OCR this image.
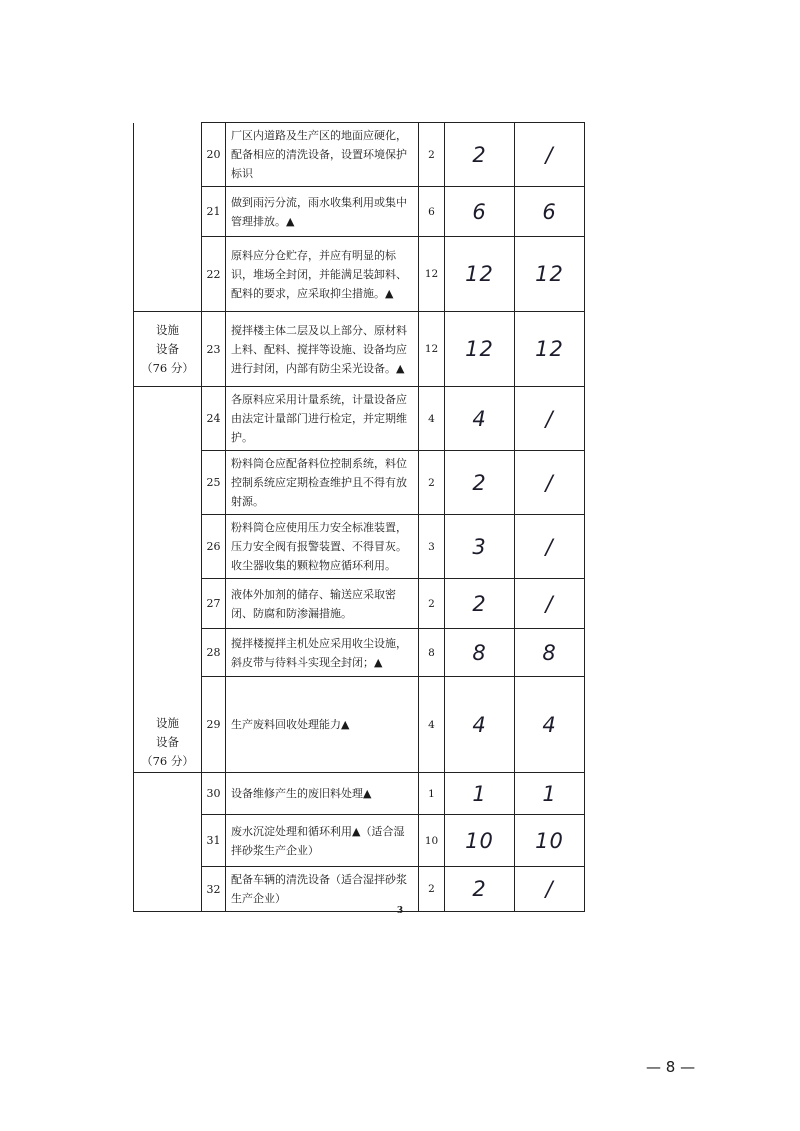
	20	厂区内道路及生产区的地面应硬化，配备相应的清洗设备，设置环境保护标识	2	2	/
	21	做到雨污分流，雨水收集利用或集中管理排放。▲	6	6	6
	22	原料应分仓贮存，并应有明显的标识，堆场全封闭，并能满足装卸料、配料的要求，应采取抑尘措施。▲	12	12	12

设施
设备
（76 分）	23	搅拌楼主体二层及以上部分、原材料上料、配料、搅拌等设施、设备均应进行封闭，内部有防尘采光设备。▲	12	12	12
	24	各原料应采用计量系统，计量设备应由法定计量部门进行检定，并定期维护。	4	4	/
	25	粉料筒仓应配备料位控制系统，料位控制系统应定期检查维护且不得有放射源。	2	2	/
	26	粉料筒仓应使用压力安全标准装置，压力安全阀有报警装置、不得冒灰。收尘器收集的颗粒物应循环利用。	3	3	/
	27	液体外加剂的储存、输送应采取密闭、防腐和防渗漏措施。	2	2	/
	28	搅拌楼搅拌主机处应采用收尘设施，斜皮带与待料斗实现全封闭；▲	8	8	8

设施
设备
（76 分）	29	生产废料回收处理能力▲	4	4	4
	30	设备维修产生的废旧料处理▲	1	1	1
	31	废水沉淀处理和循环利用▲（适合湿拌砂浆生产企业）	10	10	10
	32	配备车辆的清洗设备（适合湿拌砂浆生产企业）	2	2	/
3
— 8 —
